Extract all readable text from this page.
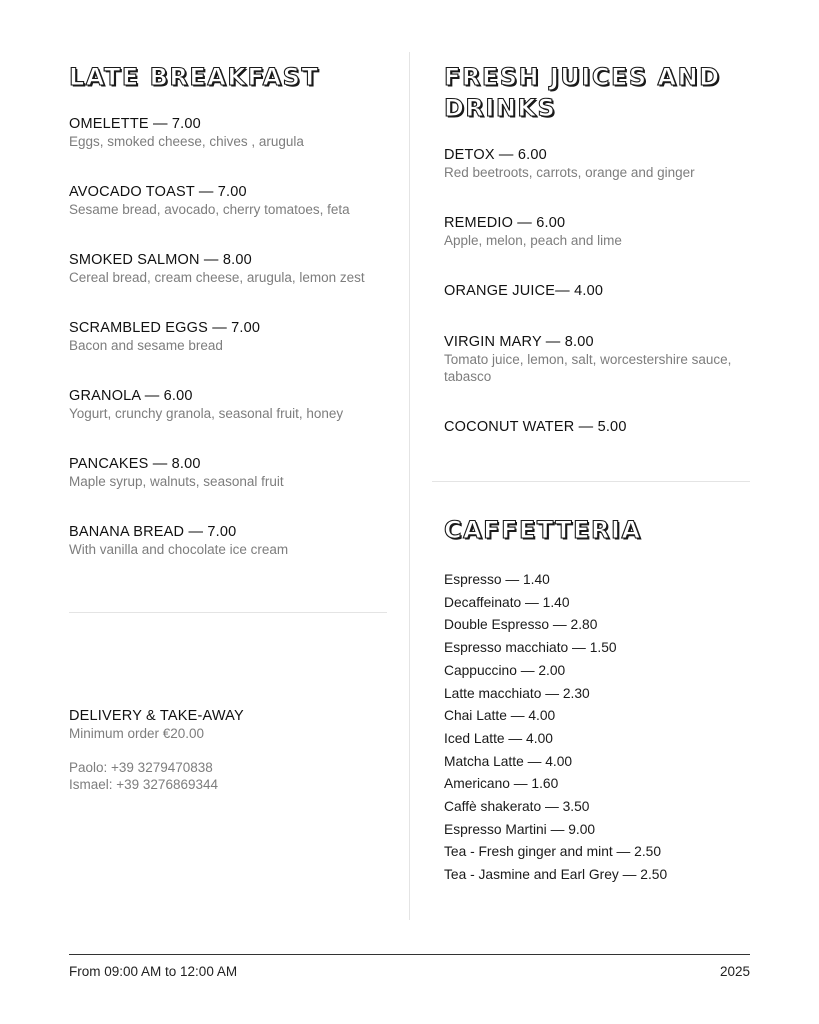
LATE BREAKFAST
OMELETTE — 7.00
Eggs, smoked cheese, chives , arugula
AVOCADO TOAST — 7.00
Sesame bread, avocado, cherry tomatoes, feta
SMOKED SALMON — 8.00
Cereal bread, cream cheese, arugula, lemon zest
SCRAMBLED EGGS — 7.00
Bacon and sesame bread
GRANOLA — 6.00
Yogurt, crunchy granola, seasonal fruit, honey
PANCAKES — 8.00
Maple syrup, walnuts, seasonal fruit
BANANA BREAD — 7.00
With vanilla and chocolate ice cream
DELIVERY & TAKE-AWAY

Minimum order €20.00

Paolo: +39 3279470838

Ismael: +39 3276869344

FRESH JUICES AND
DRINKS
DETOX — 6.00
Red beetroots, carrots, orange and ginger
REMEDIO — 6.00
Apple, melon, peach and lime
ORANGE JUICE— 4.00
VIRGIN MARY — 8.00
Tomato juice, lemon, salt, worcestershire sauce, tabasco
COCONUT WATER — 5.00
CAFFETTERIA
Espresso — 1.40
Decaffeinato — 1.40
Double Espresso — 2.80
Espresso macchiato — 1.50
Cappuccino — 2.00
Latte macchiato — 2.30
Chai Latte — 4.00
Iced Latte — 4.00
Matcha Latte — 4.00
Americano — 1.60
Caffè shakerato — 3.50
Espresso Martini — 9.00
Tea - Fresh ginger and mint — 2.50
Tea - Jasmine and Earl Grey — 2.50
From 09:00 AM to 12:00 AM	2025
